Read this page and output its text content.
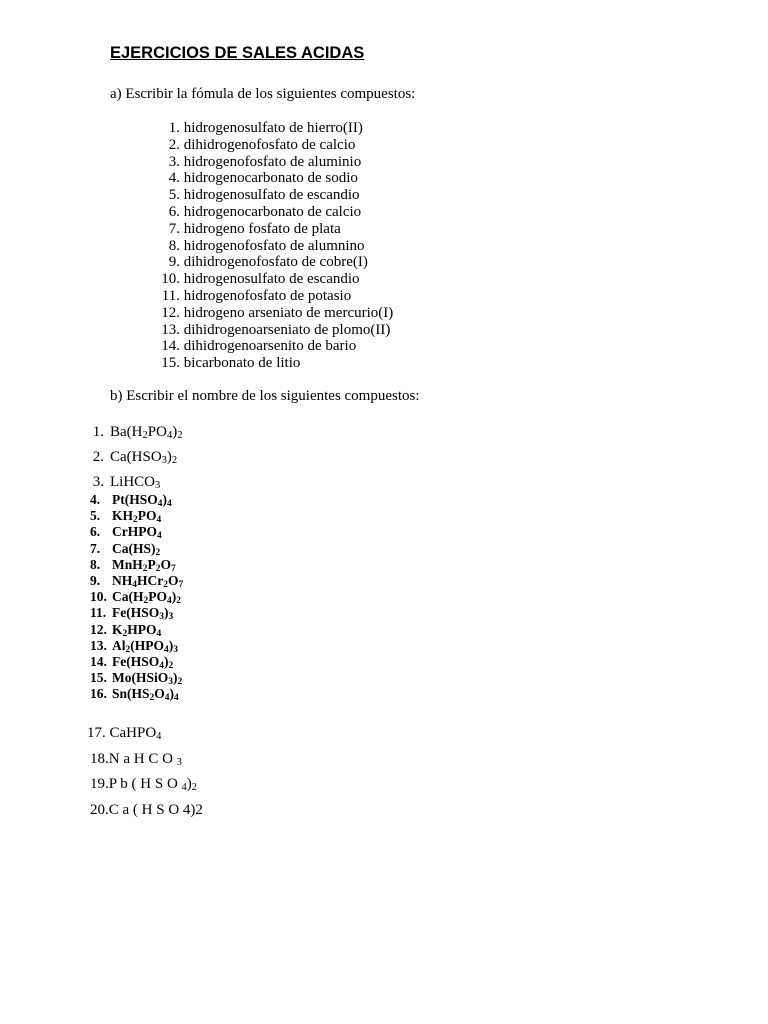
EJERCICIOS DE SALES ACIDAS

a) Escribir la fómula de los siguientes compuestos:

1. hidrogenosulfato de hierro(II)
2. dihidrogenofosfato de calcio
3. hidrogenofosfato de aluminio
4. hidrogenocarbonato de sodio
5. hidrogenosulfato de escandio
6. hidrogenocarbonato de calcio
7. hidrogeno fosfato de plata
8. hidrogenofosfato de alumnino
9. dihidrogenofosfato de cobre(I)
10. hidrogenosulfato de escandio
11. hidrogenofosfato de potasio
12. hidrogeno arseniato de mercurio(I)
13. dihidrogenoarseniato de plomo(II)
14. dihidrogenoarsenito de bario
15. bicarbonato de litio

b) Escribir el nombre de los siguientes compuestos:

1. $Ba(H_2PO_4)_2$
2. $Ca(HSO_3)_2$
3. LiHCO$_3$
4. $Pt(HSO_4)_4$
5. $KH_2PO_4$
6. CrHPO$_4$
7. $Ca(HS)_2$
8. $MnH_2P_2O_7$
9. $NH_4HCr_2O_7$
10. $Ca(H_2PO_4)_2$
11. $Fe(HSO_3)_3$
12. $K_2HPO_4$
13. $Al_2(HPO_4)_3$
14. $Fe(HSO_4)_2$
15. $Mo(HSiO_3)_2$
16. $Sn(HS_2O_4)_4$
17. CaHPO$_4$
18.N a H C O $_3$
19.P b ( H S O $_4)_2$
20.C a ( H S O 4)2
